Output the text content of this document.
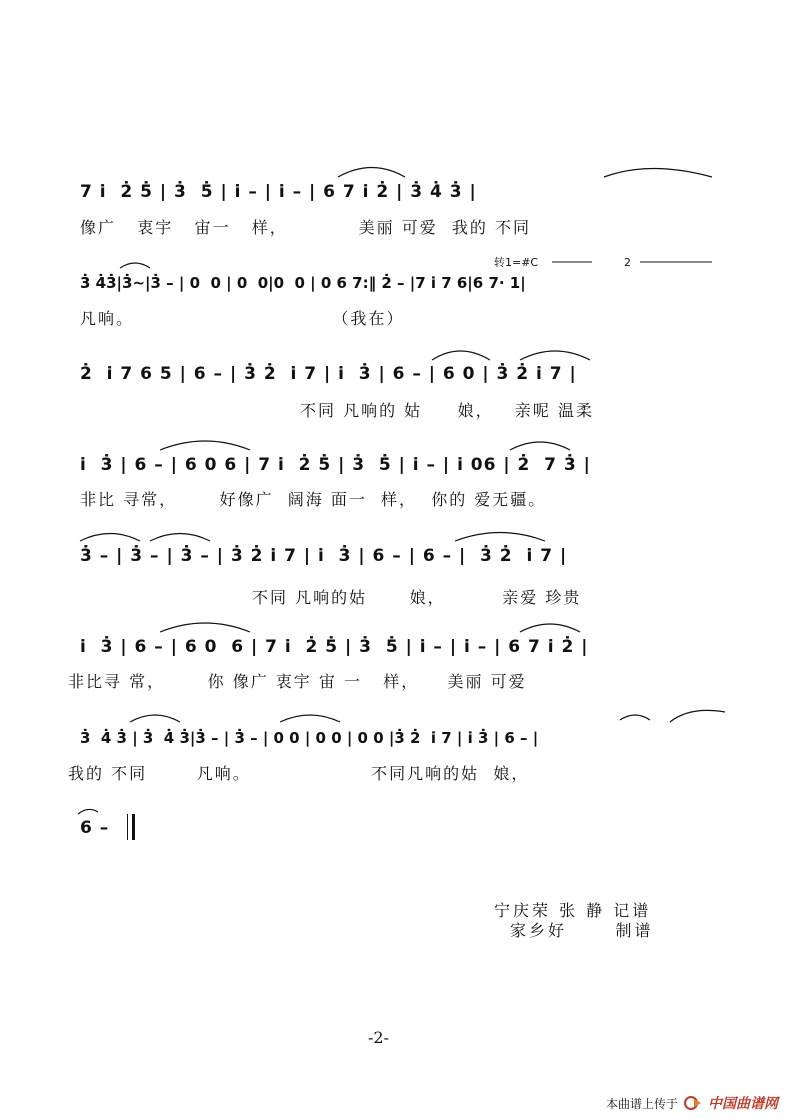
7 i̇  2̇ 5̇ | 3̇  5̇ | i̇ – | i̇ – | 6 7 i̇ 2̇ | 3̇ 4̇ 3̇ |
像广   衷宇   宙一   样，          美丽 可爱  我的 不同
转1=#C	2
3̇ 4̇3̇|3̇~|3̇ – | 0  0 | 0  0|0  0 | 0 6 7:‖ 2̇ – |7 i̇ 7 6|6 7· 1|
凡响。                            （我在）
2̇  i̇ 7 6 5 | 6 – | 3̇ 2̇  i̇ 7 | i̇  3̇ | 6 – | 6 0 | 3̇ 2̇ i̇ 7 |
不同 凡响的 姑     娘，   亲呢 温柔
i̇  3̇ | 6 – | 6 0 6 | 7 i̇  2̇ 5̇ | 3̇  5̇ | i̇ – | i̇ 06 | 2̇  7 3̇ |
非比 寻常，      好像广  阔海 面一  样，  你的 爱无疆。
3̇ – | 3̇ – | 3̇ – | 3̇ 2̇ i̇ 7 | i̇  3̇ | 6 – | 6 – |  3̇ 2̇  i̇ 7 |
不同 凡响的姑      娘，        亲爱 珍贵
i̇  3̇ | 6 – | 6 0  6 | 7 i̇  2̇ 5̇ | 3̇  5̇ | i̇ – | i̇ – | 6 7 i̇ 2̇ |
非比寻 常，      你 像广 衷宇 宙 一   样，    美丽 可爱
3̇  4̇ 3̇ | 3̇  4̇ 3̇|3̇ – | 3̇ – | 0 0 | 0 0 | 0 0 |3̇ 2̇  i̇ 7 | i̇ 3̇ | 6 – |
我的 不同       凡响。                 不同凡响的姑  娘，
6 –
宁庆荣 张 静 记谱
家乡好      制谱
-2-
本曲谱上传于 中国曲谱网
